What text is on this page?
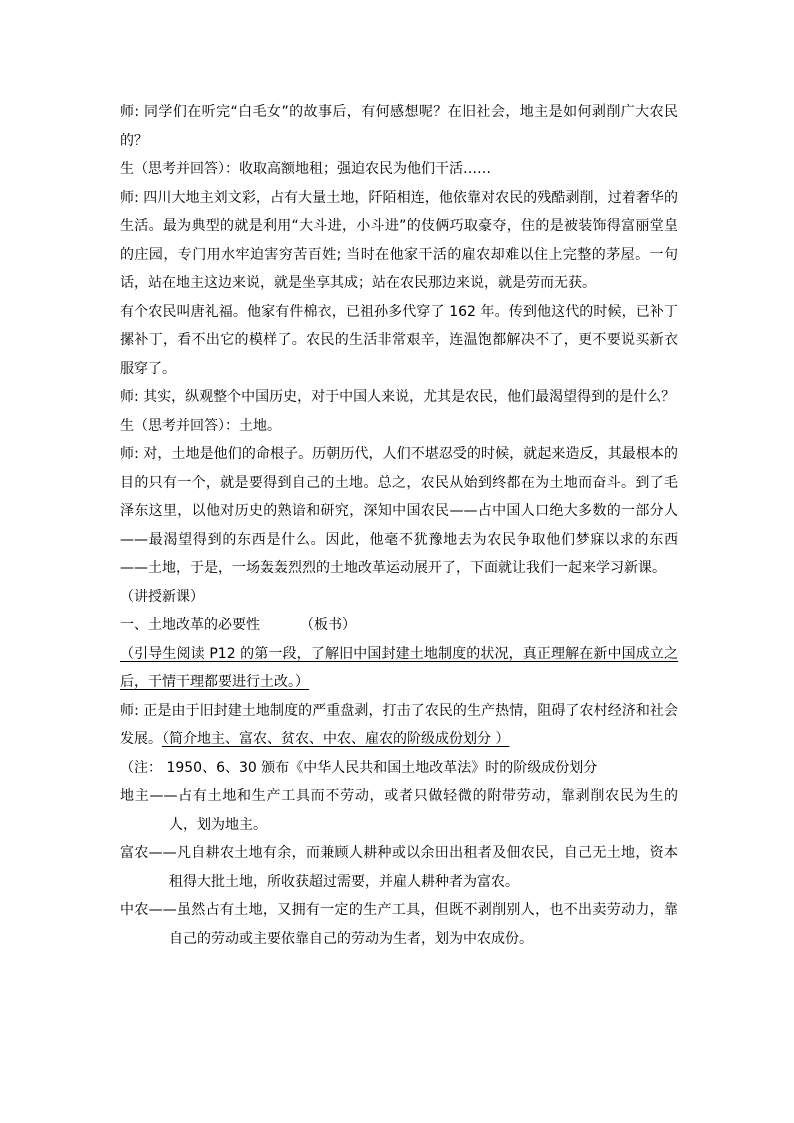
师: 同学们在听完“白毛女”的故事后，有何感想呢？在旧社会，地主是如何剥削广大农民的？

生（思考并回答）：收取高额地租；强迫农民为他们干活……

师: 四川大地主刘文彩，占有大量土地，阡陌相连，他依靠对农民的残酷剥削，过着奢华的生活。最为典型的就是利用“大斗进，小斗进”的伎俩巧取豪夺，住的是被装饰得富丽堂皇的庄园，专门用水牢迫害穷苦百姓; 当时在他家干活的雇农却难以住上完整的茅屋。一句话，站在地主这边来说，就是坐享其成；站在农民那边来说，就是劳而无获。

有个农民叫唐礼福。他家有件棉衣，已祖孙多代穿了 162 年。传到他这代的时候，已补丁摞补丁，看不出它的模样了。农民的生活非常艰辛，连温饱都解决不了，更不要说买新衣服穿了。

师: 其实，纵观整个中国历史，对于中国人来说，尤其是农民，他们最渴望得到的是什么？

生（思考并回答）：土地。

师: 对，土地是他们的命根子。历朝历代，人们不堪忍受的时候，就起来造反，其最根本的目的只有一个，就是要得到自己的土地。总之，农民从始到终都在为土地而奋斗。到了毛泽东这里，以他对历史的熟谙和研究，深知中国农民——占中国人口绝大多数的一部分人——最渴望得到的东西是什么。因此，他毫不犹豫地去为农民争取他们梦寐以求的东西——土地，于是，一场轰轰烈烈的土地改革运动展开了，下面就让我们一起来学习新课。

（讲授新课）

一、土地改革的必要性	（板书）

（引导生阅读 P12 的第一段，了解旧中国封建土地制度的状况，真正理解在新中国成立之后，干情干理都要进行土改。）

师: 正是由于旧封建土地制度的严重盘剥，打击了农民的生产热情，阻碍了农村经济和社会发展。（简介地主、富农、贫农、中农、雇农的阶级成份划分 ）

（注： 1950、6、30 颁布《中华人民共和国土地改革法》时的阶级成份划分

地主——占有土地和生产工具而不劳动，或者只做轻微的附带劳动，靠剥削农民为生的人，划为地主。

富农——凡自耕农土地有余，而兼顾人耕种或以余田出租者及佃农民，自己无土地，资本租得大批土地，所收获超过需要，并雇人耕种者为富农。

中农——虽然占有土地，又拥有一定的生产工具，但既不剥削别人，也不出卖劳动力，靠自己的劳动或主要依靠自己的劳动为生者，划为中农成份。
